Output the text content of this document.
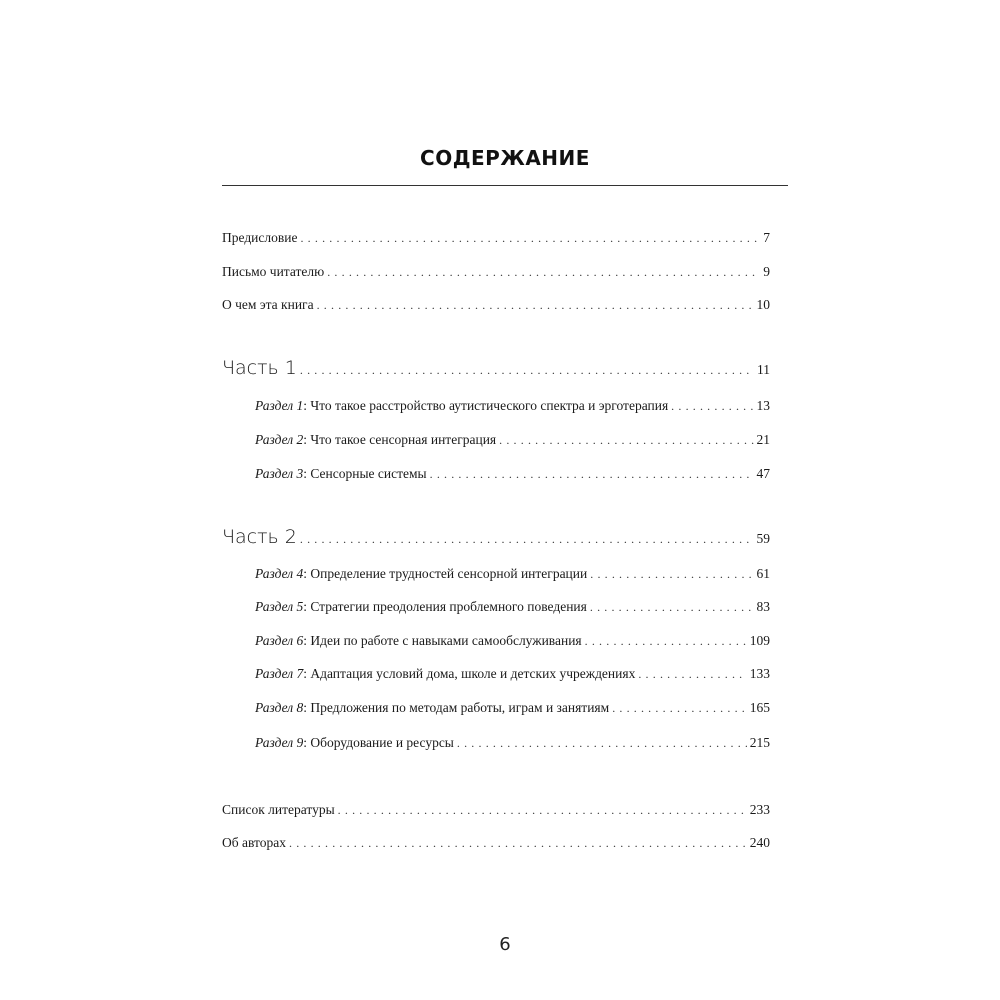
СОДЕРЖАНИЕ
Предисловие . . .	7
Письмо читателю . . .	9
О чем эта книга . . .	10
Часть 1 . . .	11
Раздел 1: Что такое расстройство аутистического спектра и эрготерапия . . .	13
Раздел 2: Что такое сенсорная интеграция . . .	21
Раздел 3: Сенсорные системы . . .	47
Часть 2 . . .	59
Раздел 4: Определение трудностей сенсорной интеграции . . .	61
Раздел 5: Стратегии преодоления проблемного поведения . . .	83
Раздел 6: Идеи по работе с навыками самообслуживания . . .	109
Раздел 7: Адаптация условий дома, школе и детских учреждениях . . .	133
Раздел 8: Предложения по методам работы, играм и занятиям . . .	165
Раздел 9: Оборудование и ресурсы . . .	215
Список литературы . . .	233
Об авторах . . .	240
6
